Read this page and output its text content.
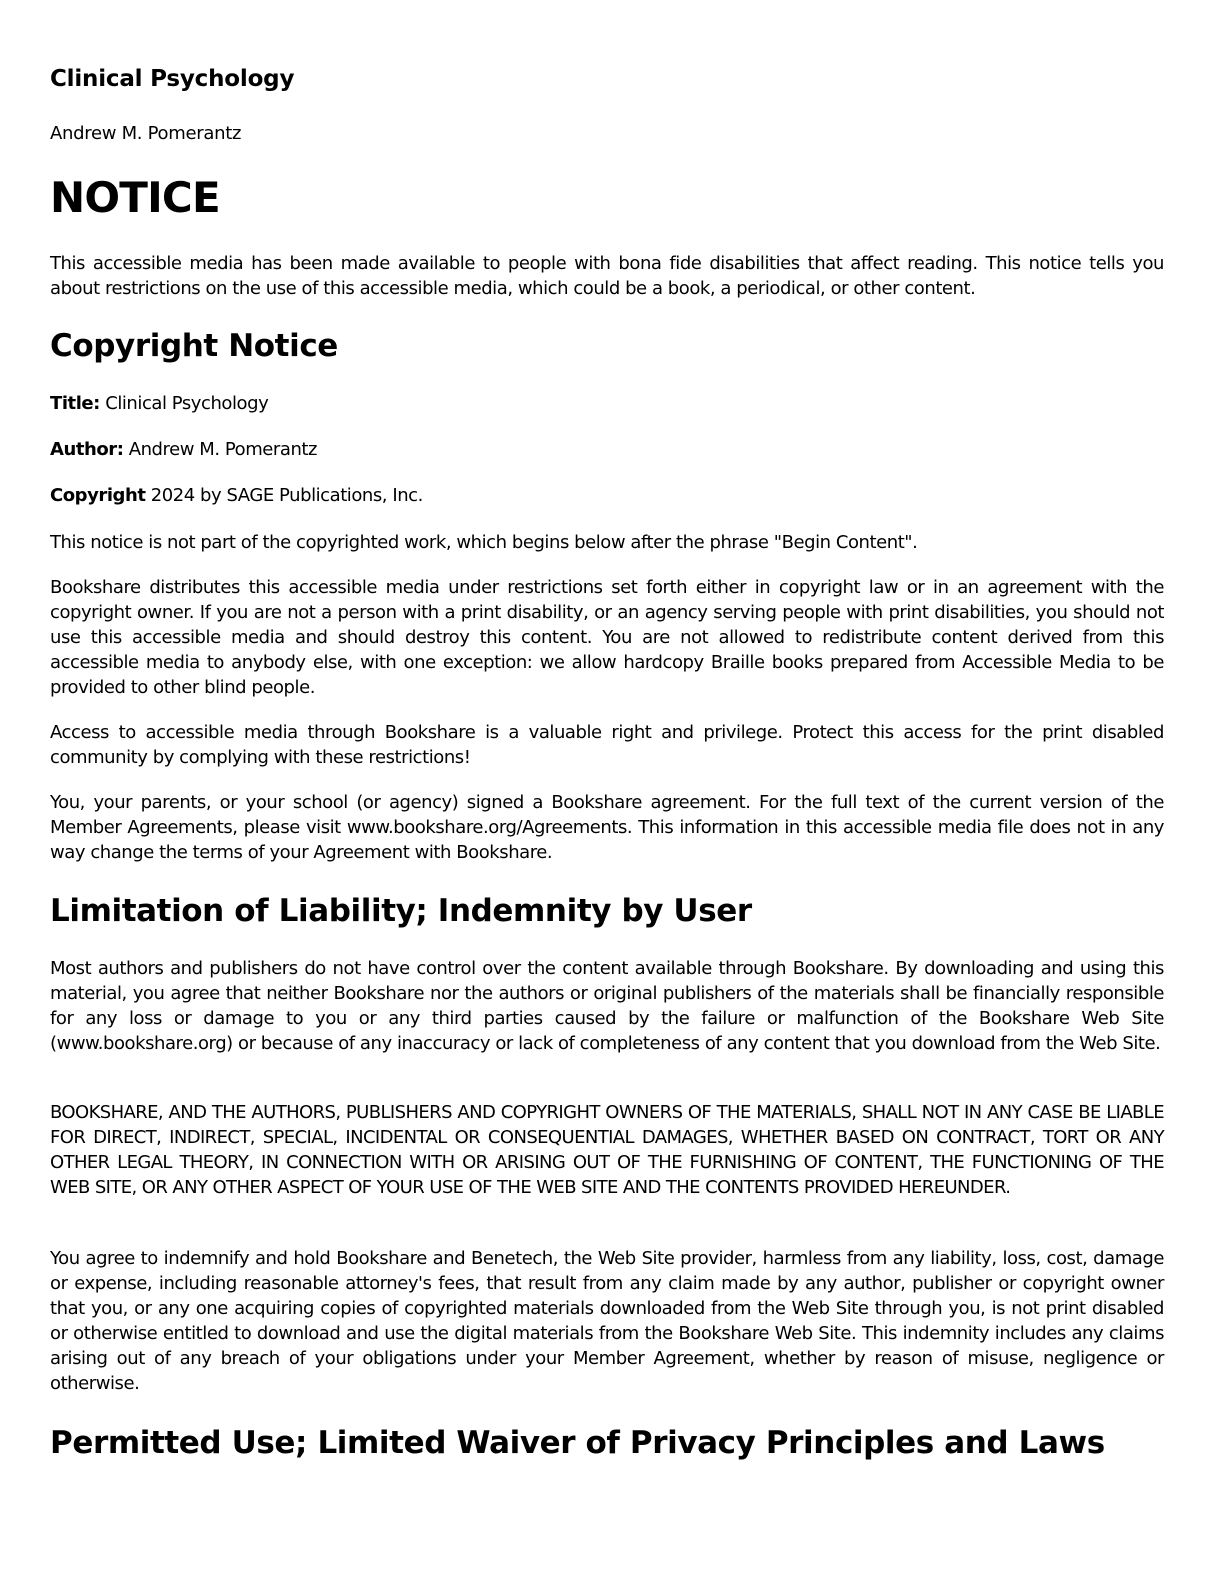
Clinical Psychology

Andrew M. Pomerantz

NOTICE

This accessible media has been made available to people with bona fide disabilities that affect reading. This notice tells you about restrictions on the use of this accessible media, which could be a book, a periodical, or other content.

Copyright Notice

Title: Clinical Psychology

Author: Andrew M. Pomerantz

Copyright 2024 by SAGE Publications, Inc.

This notice is not part of the copyrighted work, which begins below after the phrase "Begin Content".

Bookshare distributes this accessible media under restrictions set forth either in copyright law or in an agreement with the copyright owner. If you are not a person with a print disability, or an agency serving people with print disabilities, you should not use this accessible media and should destroy this content. You are not allowed to redistribute content derived from this accessible media to anybody else, with one exception: we allow hardcopy Braille books prepared from Accessible Media to be provided to other blind people.

Access to accessible media through Bookshare is a valuable right and privilege. Protect this access for the print disabled community by complying with these restrictions!

You, your parents, or your school (or agency) signed a Bookshare agreement. For the full text of the current version of the Member Agreements, please visit www.bookshare.org/Agreements. This information in this accessible media file does not in any way change the terms of your Agreement with Bookshare.

Limitation of Liability; Indemnity by User

Most authors and publishers do not have control over the content available through Bookshare. By downloading and using this material, you agree that neither Bookshare nor the authors or original publishers of the materials shall be financially responsible for any loss or damage to you or any third parties caused by the failure or malfunction of the Bookshare Web Site (www.bookshare.org) or because of any inaccuracy or lack of completeness of any content that you download from the Web Site.

BOOKSHARE, AND THE AUTHORS, PUBLISHERS AND COPYRIGHT OWNERS OF THE MATERIALS, SHALL NOT IN ANY CASE BE LIABLE FOR DIRECT, INDIRECT, SPECIAL, INCIDENTAL OR CONSEQUENTIAL DAMAGES, WHETHER BASED ON CONTRACT, TORT OR ANY OTHER LEGAL THEORY, IN CONNECTION WITH OR ARISING OUT OF THE FURNISHING OF CONTENT, THE FUNCTIONING OF THE WEB SITE, OR ANY OTHER ASPECT OF YOUR USE OF THE WEB SITE AND THE CONTENTS PROVIDED HEREUNDER.

You agree to indemnify and hold Bookshare and Benetech, the Web Site provider, harmless from any liability, loss, cost, damage or expense, including reasonable attorney's fees, that result from any claim made by any author, publisher or copyright owner that you, or any one acquiring copies of copyrighted materials downloaded from the Web Site through you, is not print disabled or otherwise entitled to download and use the digital materials from the Bookshare Web Site. This indemnity includes any claims arising out of any breach of your obligations under your Member Agreement, whether by reason of misuse, negligence or otherwise.

Permitted Use; Limited Waiver of Privacy Principles and Laws
